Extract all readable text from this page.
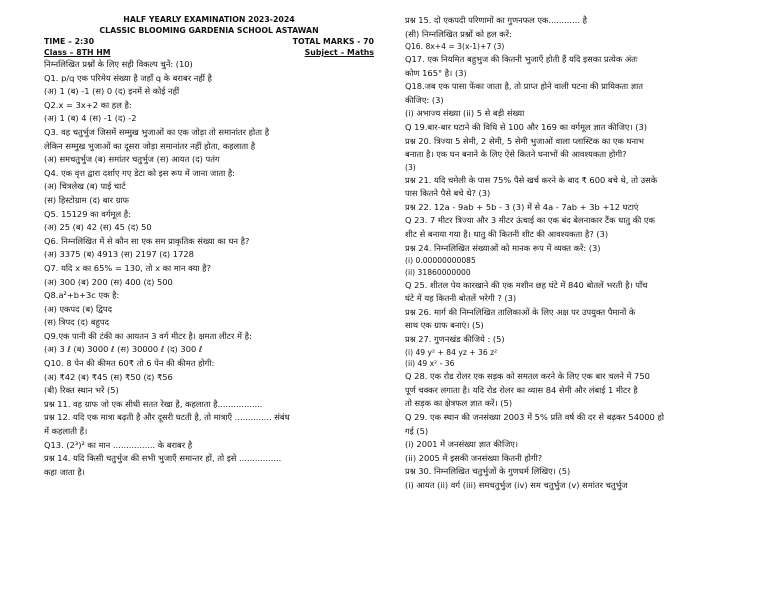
HALF YEARLY EXAMINATION 2023-2024
CLASSIC BLOOMING GARDENIA SCHOOL ASTAWAN
TIME – 2:30	TOTAL MARKS - 70
Class – 8TH HM	Subject – Maths
निम्नलिखित प्रश्नों के लिए सही विकल्प चुनें: (10)
Q1. p/q एक परिमेय संख्या है जहाँ q के बराबर नहीं है
(अ) 1 (ब) -1 (स) 0 (द) इनमें से कोई नहीं
Q2.x = 3x+2 का हल है:
(अ) 1 (ब) 4 (स) -1 (द) -2
Q3. वह चतुर्भुज जिसमें सम्मुख भुजाओं का एक जोड़ा तो समानांतर होता है
लेकिन सम्मुख भुजाओं का दूसरा जोड़ा समानांतर नहीं होता, कहलाता है
(अ) समचतुर्भुज (ब) समांतर चतुर्भुज (स) आयत (द) पतंग
Q4. एक वृत्त द्वारा दर्शाए गए डेटा को इस रूप में जाना जाता है:
(अ) चित्रलेख (ब) पाई चार्ट
(स) हिस्टोग्राम (द) बार ग्राफ
Q5. 15129 का वर्गमूल है:
(अ) 25 (ब) 42 (स) 45 (द) 50
Q6. निम्नलिखित में से कौन सा एक सम प्राकृतिक संख्या का घन है?
(अ) 3375 (ब) 4913 (स) 2197 (द) 1728
Q7. यदि x का 65% = 130, तो x का मान क्या है?
(अ) 300 (ब) 200 (स) 400 (द) 500
Q8.a²+b+3c एक है:
(अ) एकपद (ब) द्विपद
(स) त्रिपद (द) बहुपद
Q9.एक पानी की टंकी का आयतन 3 वर्ग मीटर है। क्षमता लीटर में है:
(अ) 3 ℓ (ब) 3000 ℓ (स) 30000 ℓ (द) 300 ℓ
Q10. 8 पेन की कीमत 60₹ तो 6 पेन की कीमत होगी:
(अ) ₹42 (ब) ₹45 (स) ₹50 (द) ₹56
(बी) रिक्त स्थान भरें (5)
प्रश्न 11. वह ग्राफ जो एक सीधी सतत रेखा है, कहलाता है.................
प्रश्न 12. यदि एक मात्रा बढ़ती है और दूसरी घटती है, तो मात्राएँ .............. संबंध
में कहलाती हैं।
Q13. (2³)² का मान ................ के बराबर है
प्रश्न 14. यदि किसी चतुर्भुज की सभी भुजाएँ समान्तर हों, तो इसे ................
कहा जाता है।
प्रश्न 15. दो एकपदी परिणामों का गुणनफल एक............ है
(सी) निम्नलिखित प्रश्नों को हल करें:
Q16. 8x+4 = 3(x-1)+7 (3)
Q17. एक नियमित बहुभुज की कितनी भुजाएँ होती हैं यदि इसका प्रत्येक अंतः
कोण 165° है। (3)
Q18.जब एक पासा फेंका जाता है, तो प्राप्त होने वाली घटना की प्रायिकता ज्ञात
कीजिए: (3)
(i) अभाज्य संख्या (ii) 5 से बड़ी संख्या
Q 19.बार-बार घटाने की विधि से 100 और 169 का वर्गमूल ज्ञात कीजिए। (3)
प्रश्न 20. त्रिज्या 5 सेमी, 2 सेमी, 5 सेमी भुजाओं वाला प्लास्टिक का एक घनाभ
बनाता है। एक घन बनाने के लिए ऐसे कितने घनाभों की आवश्यकता होगी?
(3)
प्रश्न 21. यदि चमेली के पास 75% पैसे खर्च करने के बाद ₹ 600 बचे थे, तो उसके
पास कितने पैसे बचे थे? (3)
प्रश्न 22. 12a - 9ab + 5b - 3 (3) में से 4a - 7ab + 3b +12 घटाएं
Q 23. 7 मीटर त्रिज्या और 3 मीटर ऊंचाई का एक बंद बेलनाकार टैंक धातु की एक
शीट से बनाया गया है। धातु की कितनी शीट की आवश्यकता है? (3)
प्रश्न 24. निम्नलिखित संख्याओं को मानक रूप में व्यक्त करें: (3)
(i) 0.00000000085
(ii) 31860000000
Q 25. शीतल पेय कारखाने की एक मशीन छह घंटे में 840 बोतलें भरती है। पाँच
घंटे में यह कितनी बोतलें भरेगी ? (3)
प्रश्न 26. मार्ग की निम्नलिखित तालिकाओं के लिए अक्ष पर उपयुक्त पैमानों के
साथ एक ग्राफ बनाएं। (5)
प्रश्न 27. गुणनखंड कीजिये : (5)
(i) 49 y² + 84 yz + 36 z²
(ii) 49 x² - 36
Q 28. एक रोड रोलर एक सड़क को समतल करने के लिए एक बार चलने में 750
पूर्ण चक्कर लगाता है। यदि रोड रोलर का व्यास 84 सेमी और लंबाई 1 मीटर है
तो सड़क का क्षेत्रफल ज्ञात करें। (5)
Q 29. एक स्थान की जनसंख्या 2003 में 5% प्रति वर्ष की दर से बढ़कर 54000 हो
गई (5)
(i) 2001 में जनसंख्या ज्ञात कीजिए।
(ii) 2005 में इसकी जनसंख्या कितनी होगी?
प्रश्न 30. निम्नलिखित चतुर्भुजों के गुणधर्म लिखिए। (5)
(i) आयत (ii) वर्ग (iii) समचतुर्भुज (iv) सम चतुर्भुज (v) समांतर चतुर्भुज
